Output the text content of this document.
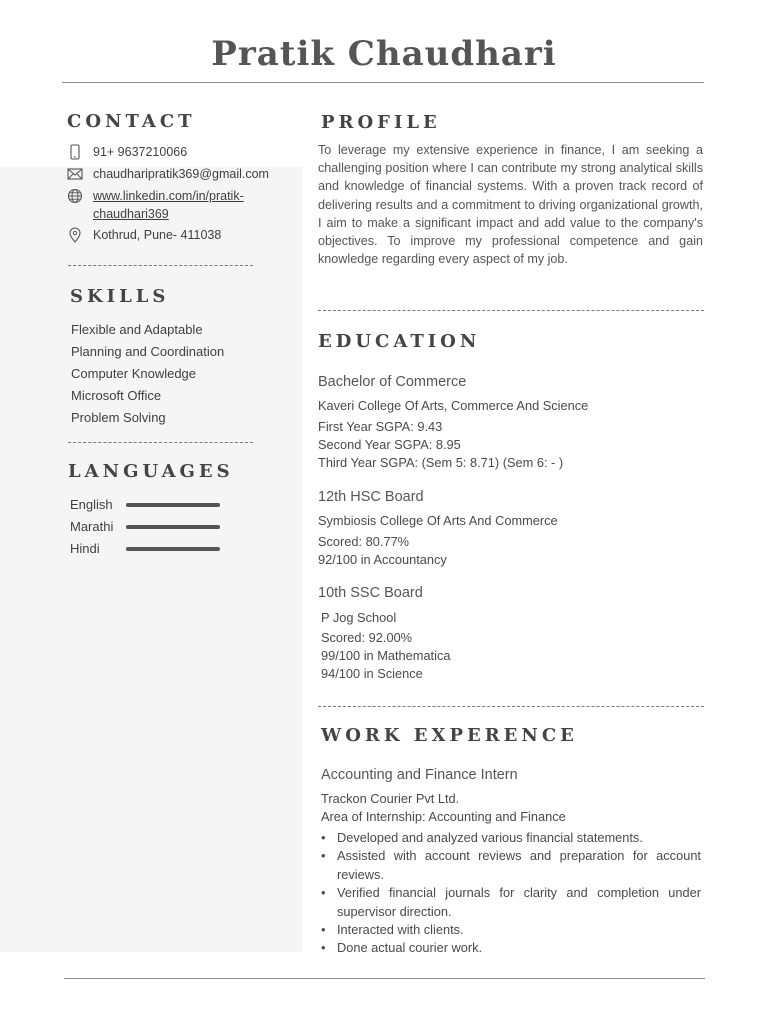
Pratik Chaudhari
CONTACT
91+ 9637210066
chaudharipratik369@gmail.com
www.linkedin.com/in/pratik-
chaudhari369
Kothrud, Pune- 411038
SKILLS
Flexible and Adaptable
Planning and Coordination
Computer Knowledge
Microsoft Office
Problem Solving
LANGUAGES
English
Marathi
Hindi
PROFILE

To leverage my extensive experience in finance, I am seeking a challenging position where I can contribute my strong analytical skills and knowledge of financial systems. With a proven track record of delivering results and a commitment to driving organizational growth, I aim to make a significant impact and add value to the company's objectives. To improve my professional competence and gain knowledge regarding every aspect of my job.

EDUCATION
Bachelor of Commerce
Kaveri College Of Arts, Commerce And Science
First Year SGPA: 9.43
Second Year SGPA: 8.95
Third Year SGPA: (Sem 5: 8.71) (Sem 6: - )
12th HSC Board
Symbiosis College Of Arts And Commerce
Scored: 80.77%
92/100 in Accountancy
10th SSC Board
P Jog School
Scored: 92.00%
99/100 in Mathematica
94/100 in Science
WORK EXPERENCE
Accounting and Finance Intern
Trackon Courier Pvt Ltd.
Area of Internship: Accounting and Finance
• Developed and analyzed various financial statements.
• Assisted with account reviews and preparation for account reviews.
• Verified financial journals for clarity and completion under supervisor direction.
• Interacted with clients.
• Done actual courier work.
